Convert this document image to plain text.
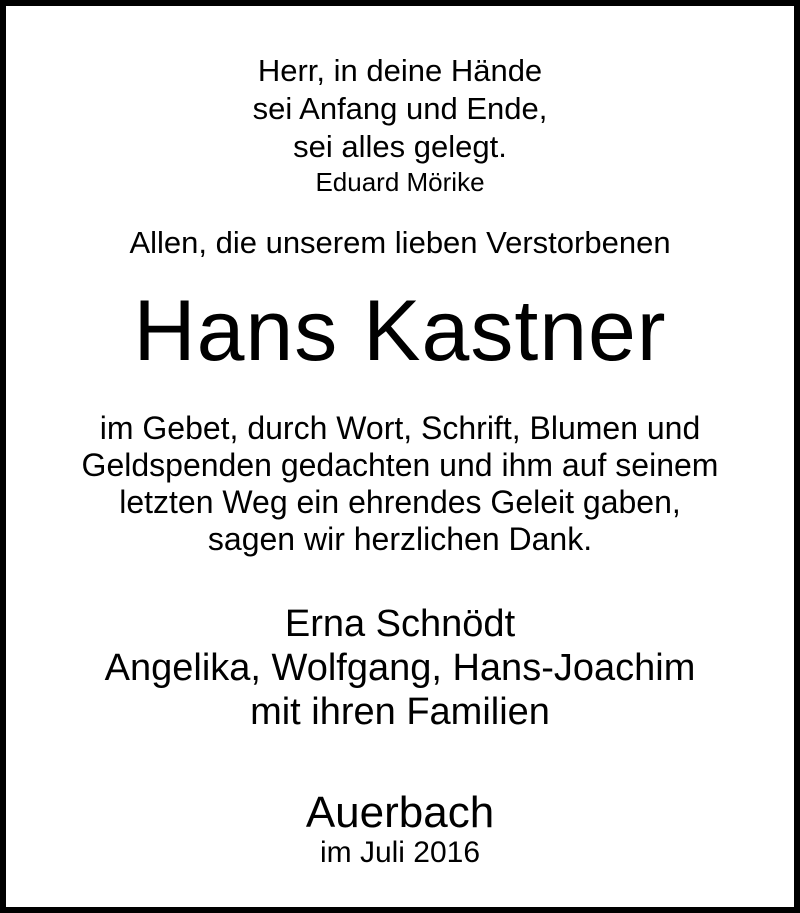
Herr, in deine Hände
sei Anfang und Ende,
sei alles gelegt.
Eduard Mörike
Allen, die unserem lieben Verstorbenen
Hans Kastner
im Gebet, durch Wort, Schrift, Blumen und
Geldspenden gedachten und ihm auf seinem
letzten Weg ein ehrendes Geleit gaben,
sagen wir herzlichen Dank.
Erna Schnödt
Angelika, Wolfgang, Hans-Joachim
mit ihren Familien
Auerbach
im Juli 2016
